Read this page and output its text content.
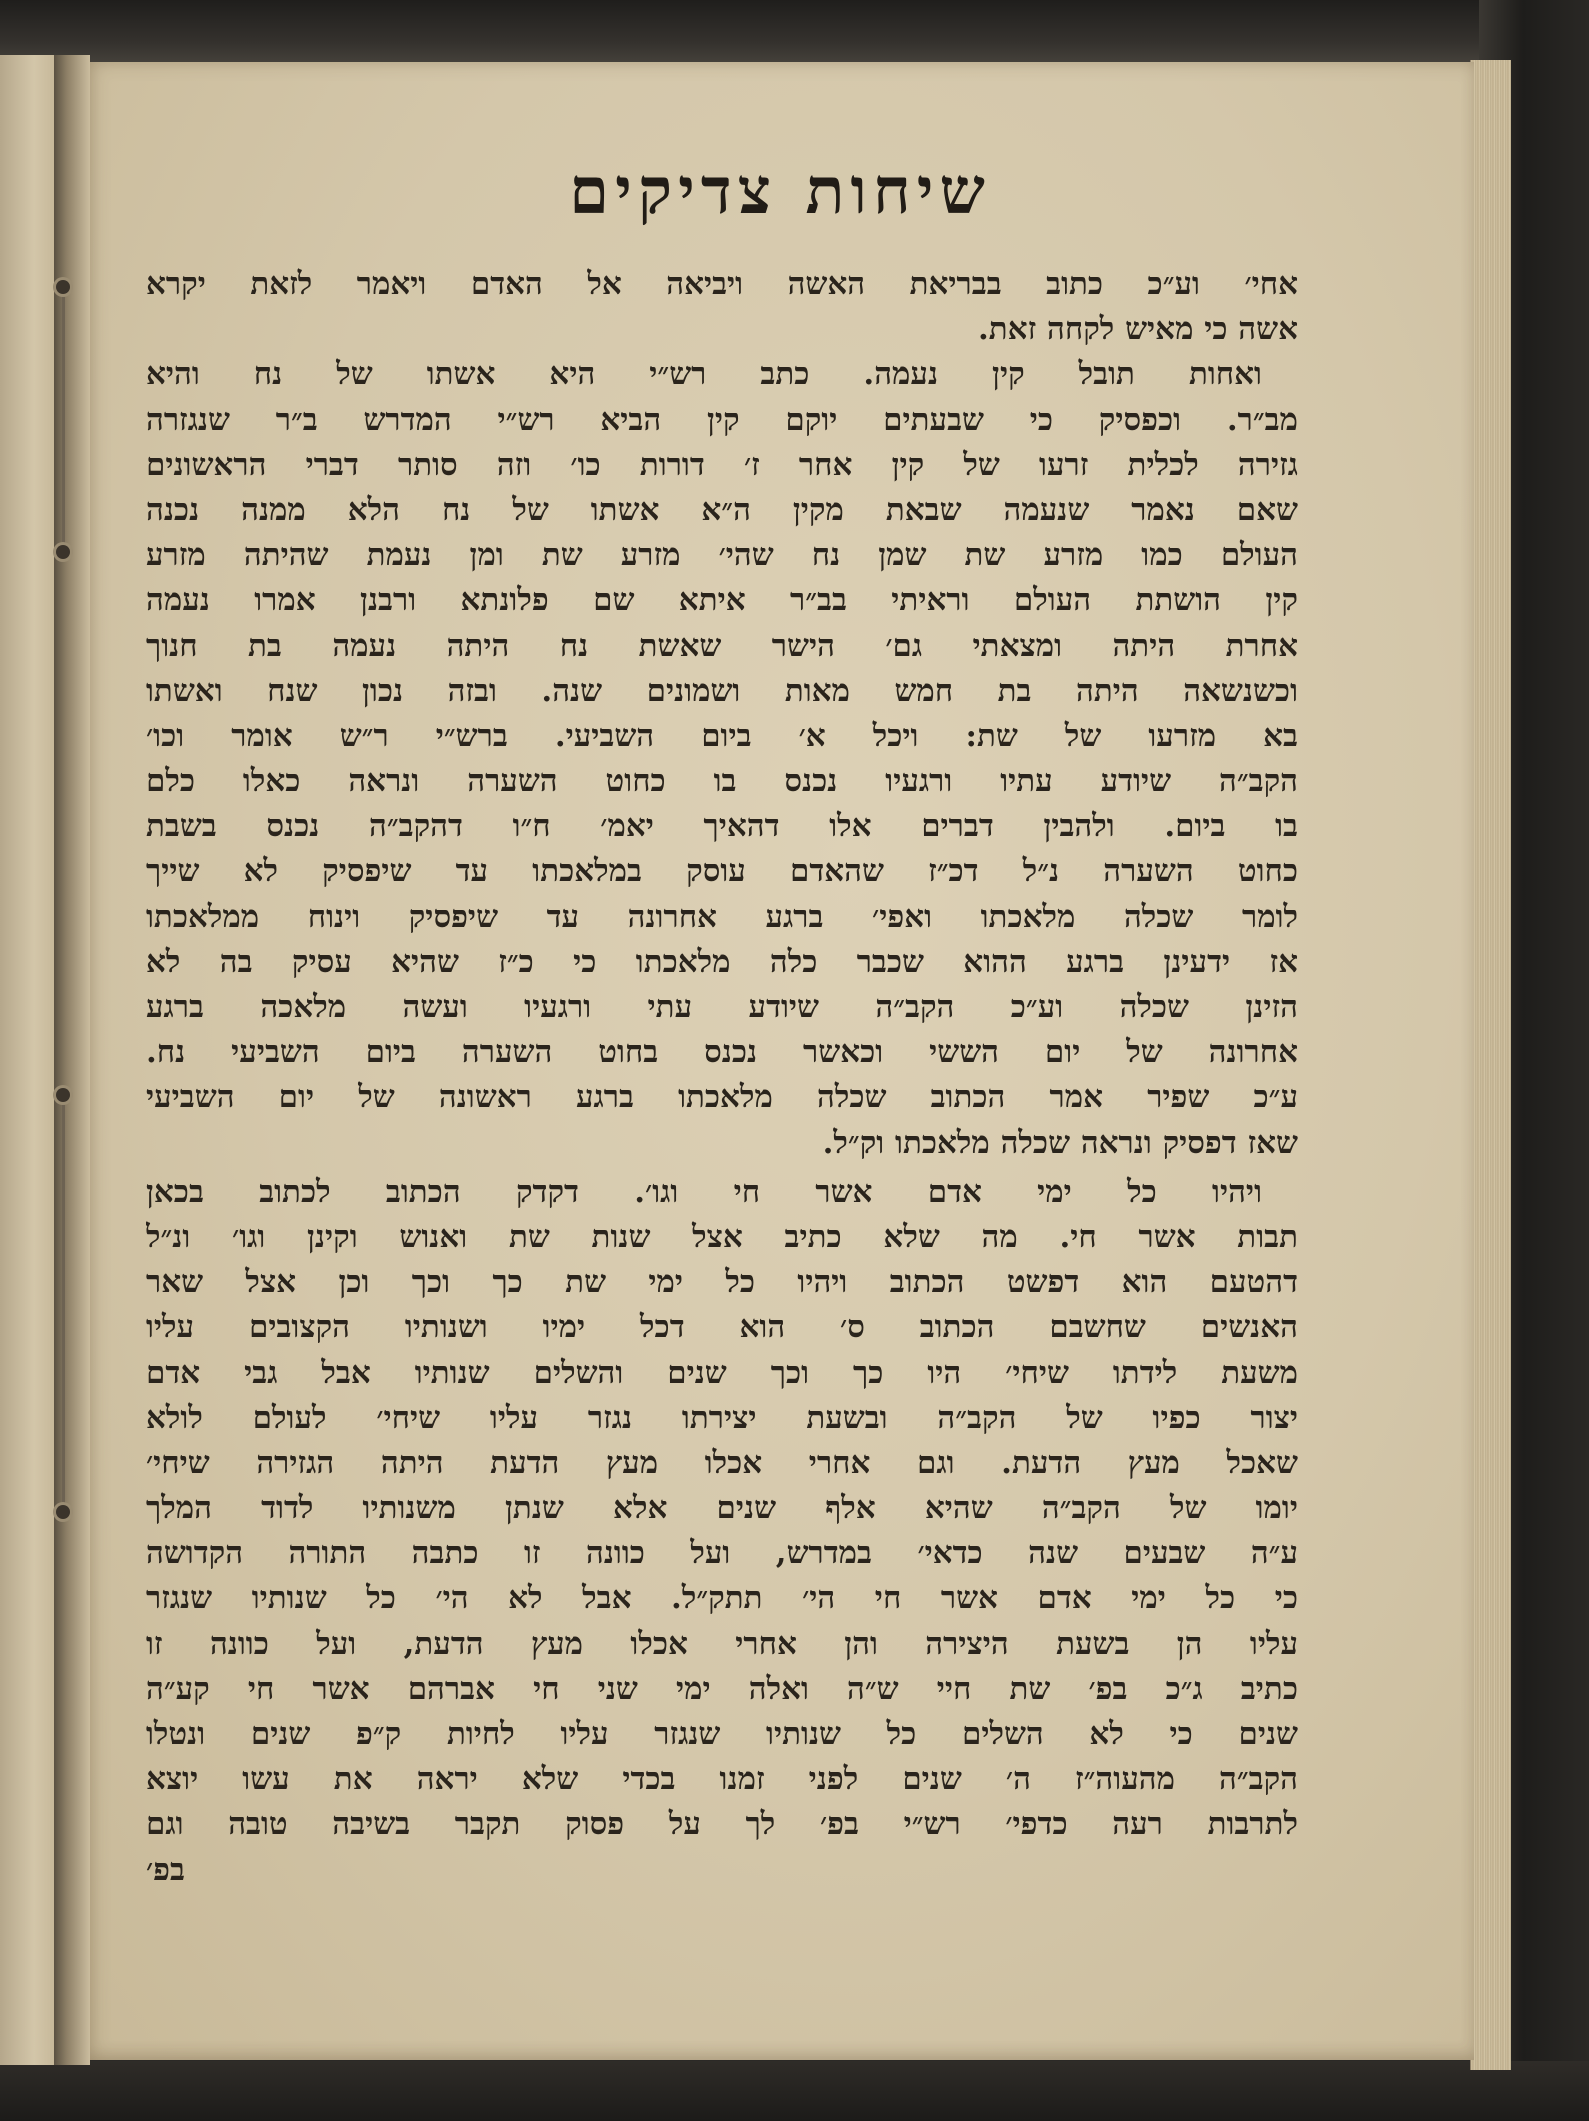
שיחות צדיקים
אחי׳ וע״כ כתוב בבריאת האשה ויביאה אל האדם ויאמר לזאת יקרא
אשה כי מאיש לקחה זאת.
ואחות תובל קין נעמה. כתב רש״י היא אשתו של נח והיא
מב״ר. וכפסיק כי שבעתים יוקם קין הביא רש״י המדרש ב״ר שנגזרה
גזירה לכלית זרעו של קין אחר ז׳ דורות כו׳ וזה סותר דברי הראשונים
שאם נאמר שנעמה שבאת מקין ה״א אשתו של נח הלא ממנה נכנה
העולם כמו מזרע שת שמן נח שהי׳ מזרע שת ומן נעמת שהיתה מזרע
קין הושתת העולם וראיתי בב״ר איתא שם פלונתא ורבנן אמרו נעמה
אחרת היתה ומצאתי גם׳ הישר שאשת נח היתה נעמה בת חנוך
וכשנשאה היתה בת חמש מאות ושמונים שנה. ובזה נכון שנח ואשתו
בא מזרעו של שת: ויכל א׳ ביום השביעי. ברש״י ר״ש אומר וכו׳
הקב״ה שיודע עתיו ורגעיו נכנס בו כחוט השערה ונראה כאלו כלם
בו ביום. ולהבין דברים אלו דהאיך יאמ׳ ח״ו דהקב״ה נכנס בשבת
כחוט השערה נ״ל דכ״ז שהאדם עוסק במלאכתו עד שיפסיק לא שייך
לומר שכלה מלאכתו ואפי׳ ברגע אחרונה עד שיפסיק וינוח ממלאכתו
אז ידעינן ברגע ההוא שכבר כלה מלאכתו כי כ״ז שהיא עסיק בה לא
הזינן שכלה וע״כ הקב״ה שיודע עתי ורגעיו ועשה מלאכה ברגע
אחרונה של יום הששי וכאשר נכנס בחוט השערה ביום השביעי נח.
ע״כ שפיר אמר הכתוב שכלה מלאכתו ברגע ראשונה של יום השביעי
שאז דפסיק ונראה שכלה מלאכתו וק״ל.
ויהיו כל ימי אדם אשר חי וגו׳. דקדק הכתוב לכתוב בכאן
תבות אשר חי. מה שלא כתיב אצל שנות שת ואנוש וקינן וגו׳ ונ״ל
דהטעם הוא דפשט הכתוב ויהיו כל ימי שת כך וכך וכן אצל שאר
האנשים שחשבם הכתוב ס׳ הוא דכל ימיו ושנותיו הקצובים עליו
משעת לידתו שיחי׳ היו כך וכך שנים והשלים שנותיו אבל גבי אדם
יצור כפיו של הקב״ה ובשעת יצירתו נגזר עליו שיחי׳ לעולם לולא
שאכל מעץ הדעת. וגם אחרי אכלו מעץ הדעת היתה הגזירה שיחי׳
יומו של הקב״ה שהיא אלף שנים אלא שנתן משנותיו לדוד המלך
ע״ה שבעים שנה כדאי׳ במדרש, ועל כוונה זו כתבה התורה הקדושה
כי כל ימי אדם אשר חי הי׳ תתק״ל. אבל לא הי׳ כל שנותיו שנגזר
עליו הן בשעת היצירה והן אחרי אכלו מעץ הדעת, ועל כוונה זו
כתיב ג״כ בפ׳ שת חיי ש״ה ואלה ימי שני חי אברהם אשר חי קע״ה
שנים כי לא השלים כל שנותיו שנגזר עליו לחיות ק״פ שנים ונטלו
הקב״ה מהעוה״ז ה׳ שנים לפני זמנו בכדי שלא יראה את עשו יוצא
לתרבות רעה כדפי׳ רש״י בפ׳ לך על פסוק תקבר בשיבה טובה וגם
בפ׳
